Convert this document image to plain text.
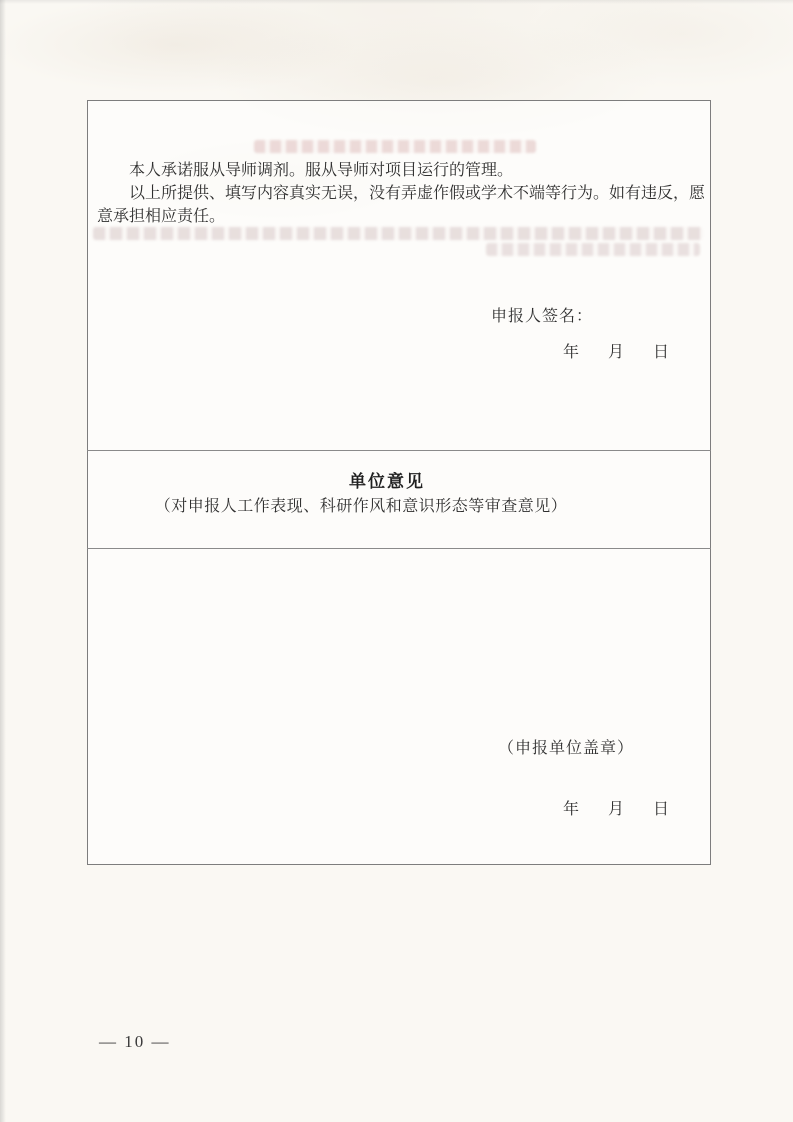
本人承诺服从导师调剂。服从导师对项目运行的管理。

以上所提供、填写内容真实无误，没有弄虚作假或学术不端等行为。如有违反，愿意承担相应责任。

申报人签名：
年 月 日
单位意见
（对申报人工作表现、科研作风和意识形态等审查意见）
（申报单位盖章）
年 月 日
— 10 —
